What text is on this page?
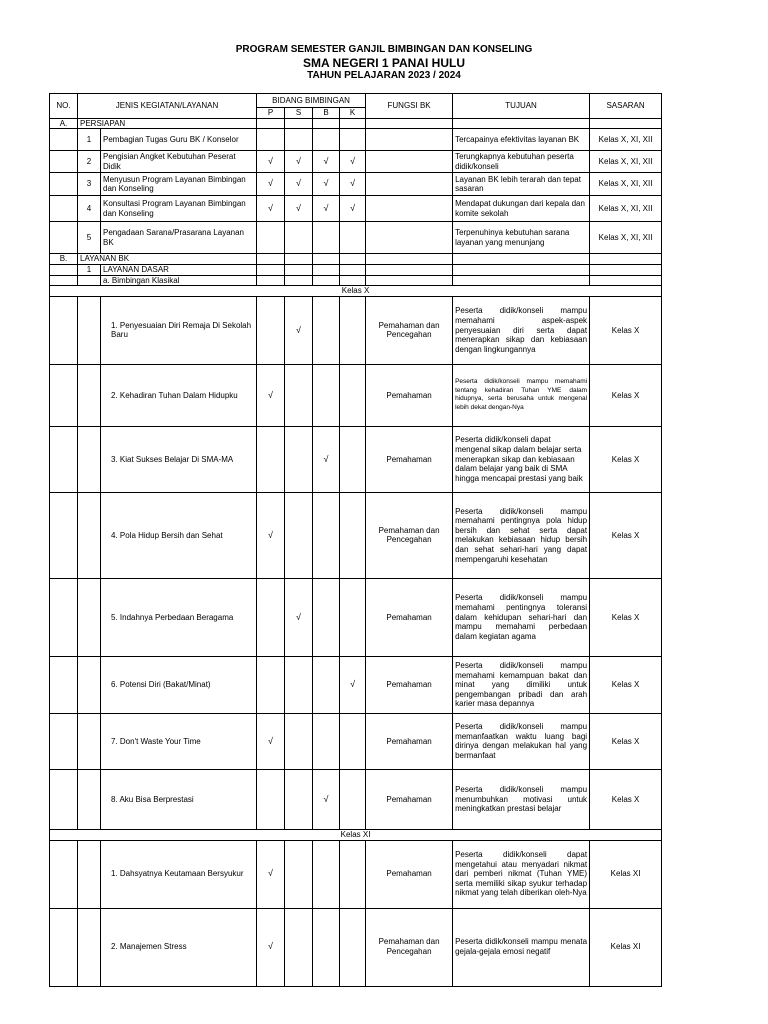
PROGRAM SEMESTER GANJIL BIMBINGAN DAN KONSELING
SMA NEGERI 1 PANAI HULU
TAHUN PELAJARAN 2023 / 2024
NO.	JENIS KEGIATAN/LAYANAN		BIDANG BIMBINGAN				FUNGSI BK	TUJUAN	SASARAN
			P	S	B	K			
A.	PERSIAPAN								
	1	Pembagian Tugas Guru BK / Konselor						Tercapainya efektivitas layanan BK	Kelas X, XI, XII
	2	Pengisian Angket Kebutuhan Peserat Didik	√	√	√	√		Terungkapnya kebutuhan peserta didik/konseli	Kelas X, XI, XII
	3	Menyusun Program Layanan Bimbingan dan Konseling	√	√	√	√		Layanan BK lebih terarah dan tepat sasaran	Kelas X, XI, XII
	4	Konsultasi Program Layanan Bimbingan dan Konseling	√	√	√	√		Mendapat dukungan dari kepala dan komite sekolah	Kelas X, XI, XII
	5	Pengadaan Sarana/Prasarana Layanan BK						Terpenuhinya kebutuhan sarana layanan yang menunjang	Kelas X, XI, XII
B.	LAYANAN BK								
	1	LAYANAN DASAR							
		a. Bimbingan Klasikal							
Kelas X									
		1. Penyesuaian Diri Remaja Di Sekolah Baru		√			Pemahaman dan Pencegahan	Peserta didik/konseli mampu memahami aspek-aspek penyesuaian diri serta dapat menerapkan sikap dan kebiasaan dengan lingkungannya	Kelas X
		2. Kehadiran Tuhan Dalam Hidupku	√				Pemahaman	Peserta didik/konseli mampu memahami tentang kehadiran Tuhan YME dalam hidupnya, serta berusaha untuk mengenal lebih dekat dengan-Nya	Kelas X
		3. Kiat Sukses Belajar Di SMA-MA			√		Pemahaman	Peserta didik/konseli dapat mengenal sikap dalam belajar serta menerapkan sikap dan kebiasaan dalam belajar yang baik di SMA hingga mencapai prestasi yang baik	Kelas X
		4. Pola Hidup Bersih dan Sehat	√				Pemahaman dan Pencegahan	Peserta didik/konseli mampu memahami pentingnya pola hidup bersih dan sehat serta dapat melakukan kebiasaan hidup bersih dan sehat sehari-hari yang dapat mempengaruhi kesehatan	Kelas X
		5. Indahnya Perbedaan Beragama		√			Pemahaman	Peserta didik/konseli mampu memahami pentingnya toleransi dalam kehidupan sehari-hari dan mampu memahami perbedaan dalam kegiatan agama	Kelas X
		6. Potensi Diri (Bakat/Minat)				√	Pemahaman	Peserta didik/konseli mampu memahami kemampuan bakat dan minat yang dimiliki untuk pengembangan pribadi dan arah karier masa depannya	Kelas X
		7. Don't Waste Your Time	√				Pemahaman	Peserta didik/konseli mampu memanfaatkan waktu luang bagi dirinya dengan melakukan hal yang bermanfaat	Kelas X
		8. Aku Bisa Berprestasi			√		Pemahaman	Peserta didik/konseli mampu menumbuhkan motivasi untuk meningkatkan prestasi belajar	Kelas X
Kelas XI									
		1. Dahsyatnya Keutamaan Bersyukur	√				Pemahaman	Peserta didik/konseli dapat mengetahui atau menyadari nikmat dari pemberi nikmat (Tuhan YME) serta memiliki sikap syukur terhadap nikmat yang telah diberikan oleh-Nya	Kelas XI
		2. Manajemen Stress	√				Pemahaman dan Pencegahan	Peserta didik/konseli mampu menata gejala-gejala emosi negatif	Kelas XI
